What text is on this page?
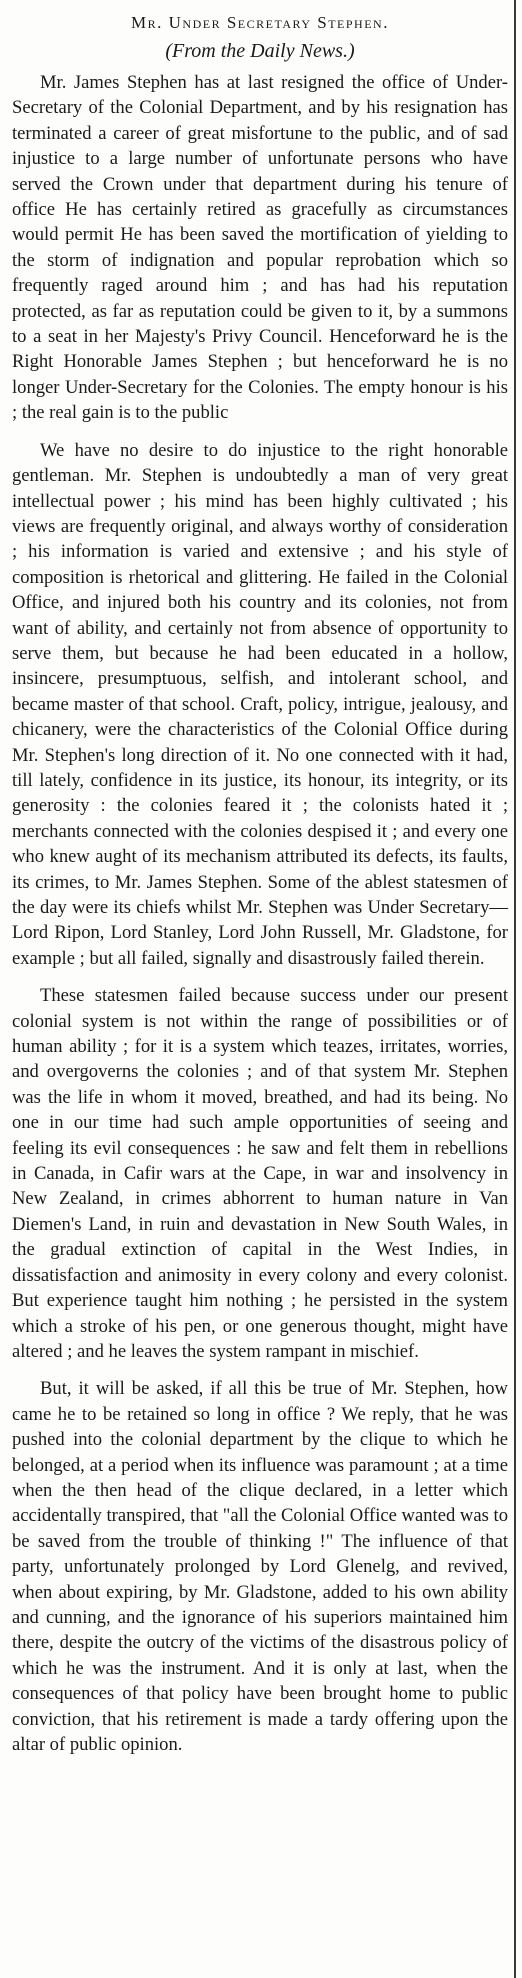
Mr. Under Secretary Stephen.
(From the Daily News.)

Mr. James Stephen has at last resigned the office of Under-Secretary of the Colonial Department, and by his resignation has terminated a career of great misfortune to the public, and of sad injustice to a large number of unfortunate persons who have served the Crown under that department during his tenure of office He has certainly retired as gracefully as circumstances would permit He has been saved the mortification of yielding to the storm of indignation and popular reprobation which so frequently raged around him ; and has had his reputation protected, as far as reputation could be given to it, by a summons to a seat in her Majesty's Privy Council. Henceforward he is the Right Honorable James Stephen ; but henceforward he is no longer Under-Secretary for the Colonies. The empty honour is his ; the real gain is to the public

We have no desire to do injustice to the right honorable gentleman. Mr. Stephen is undoubtedly a man of very great intellectual power ; his mind has been highly cultivated ; his views are frequently original, and always worthy of consideration ; his information is varied and extensive ; and his style of composition is rhetorical and glittering. He failed in the Colonial Office, and injured both his country and its colonies, not from want of ability, and certainly not from absence of opportunity to serve them, but because he had been educated in a hollow, insincere, presumptuous, selfish, and intolerant school, and became master of that school. Craft, policy, intrigue, jealousy, and chicanery, were the characteristics of the Colonial Office during Mr. Stephen's long direction of it. No one connected with it had, till lately, confidence in its justice, its honour, its integrity, or its generosity : the colonies feared it ; the colonists hated it ; merchants connected with the colonies despised it ; and every one who knew aught of its mechanism attributed its defects, its faults, its crimes, to Mr. James Stephen. Some of the ablest statesmen of the day were its chiefs whilst Mr. Stephen was Under Secretary—Lord Ripon, Lord Stanley, Lord John Russell, Mr. Gladstone, for example ; but all failed, signally and disastrously failed therein.

These statesmen failed because success under our present colonial system is not within the range of possibilities or of human ability ; for it is a system which teazes, irritates, worries, and overgoverns the colonies ; and of that system Mr. Stephen was the life in whom it moved, breathed, and had its being. No one in our time had such ample opportunities of seeing and feeling its evil consequences : he saw and felt them in rebellions in Canada, in Cafir wars at the Cape, in war and insolvency in New Zealand, in crimes abhorrent to human nature in Van Diemen's Land, in ruin and devastation in New South Wales, in the gradual extinction of capital in the West Indies, in dissatisfaction and animosity in every colony and every colonist. But experience taught him nothing ; he persisted in the system which a stroke of his pen, or one generous thought, might have altered ; and he leaves the system rampant in mischief.

But, it will be asked, if all this be true of Mr. Stephen, how came he to be retained so long in office ? We reply, that he was pushed into the colonial department by the clique to which he belonged, at a period when its influence was paramount ; at a time when the then head of the clique declared, in a letter which accidentally transpired, that "all the Colonial Office wanted was to be saved from the trouble of thinking !" The influence of that party, unfortunately prolonged by Lord Glenelg, and revived, when about expiring, by Mr. Gladstone, added to his own ability and cunning, and the ignorance of his superiors maintained him there, despite the outcry of the victims of the disastrous policy of which he was the instrument. And it is only at last, when the consequences of that policy have been brought home to public conviction, that his retirement is made a tardy offering upon the altar of public opinion.
